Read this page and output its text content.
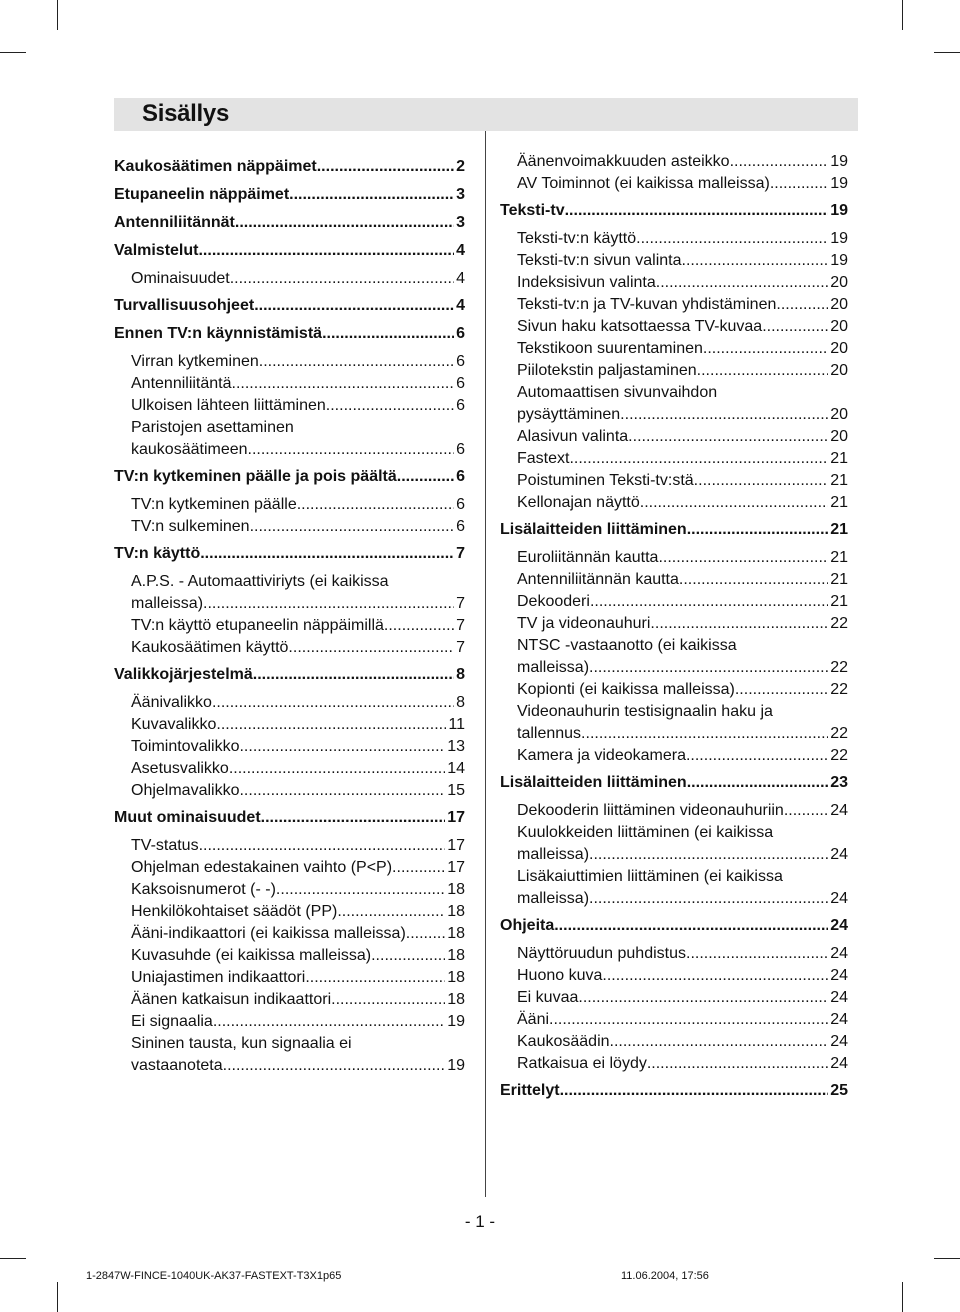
Sisällys
Kaukosäätimen näppäimet .....	2
Etupaneelin näppäimet .....	3
Antenniliitännät .....	3
Valmistelut .....	4
Ominaisuudet .....	4
Turvallisuusohjeet .....	4
Ennen TV:n käynnistämistä .....	6
Virran kytkeminen .....	6
Antenniliitäntä .....	6
Ulkoisen lähteen liittäminen .....	6
Paristojen asettaminen
kaukosäätimeen .....	6
TV:n kytkeminen päälle ja pois päältä .....	6
TV:n kytkeminen päälle .....	6
TV:n sulkeminen .....	6
TV:n käyttö .....	7
A.P.S. - Automaattiviriyts (ei kaikissa
malleissa) .....	7
TV:n käyttö etupaneelin näppäimillä .....	7
Kaukosäätimen käyttö .....	7
Valikkojärjestelmä .....	8
Äänivalikko .....	8
Kuvavalikko .....	11
Toimintovalikko .....	13
Asetusvalikko .....	14
Ohjelmavalikko .....	15
Muut ominaisuudet .....	17
TV-status .....	17
Ohjelman edestakainen vaihto (P<P) .....	17
Kaksoisnumerot (- -) .....	18
Henkilökohtaiset säädöt (PP) .....	18
Ääni-indikaattori (ei kaikissa malleissa) .....	18
Kuvasuhde (ei kaikissa malleissa) .....	18
Uniajastimen indikaattori .....	18
Äänen katkaisun indikaattori .....	18
Ei signaalia .....	19
Sininen tausta, kun signaalia ei
vastaanoteta .....	19
Äänenvoimakkuuden asteikko .....	19
AV Toiminnot (ei kaikissa malleissa) .....	19
Teksti-tv .....	19
Teksti-tv:n käyttö .....	19
Teksti-tv:n sivun valinta .....	19
Indeksisivun valinta .....	20
Teksti-tv:n ja TV-kuvan yhdistäminen .....	20
Sivun haku katsottaessa TV-kuvaa .....	20
Tekstikoon suurentaminen .....	20
Piilotekstin paljastaminen .....	20
Automaattisen sivunvaihdon
pysäyttäminen .....	20
Alasivun valinta .....	20
Fastext .....	21
Poistuminen Teksti-tv:stä .....	21
Kellonajan näyttö .....	21
Lisälaitteiden liittäminen .....	21
Euroliitännän kautta .....	21
Antenniliitännän kautta .....	21
Dekooderi .....	21
TV ja videonauhuri .....	22
NTSC -vastaanotto (ei kaikissa
malleissa) .....	22
Kopionti (ei kaikissa malleissa) .....	22
Videonauhurin testisignaalin haku ja
tallennus .....	22
Kamera ja videokamera .....	22
Lisälaitteiden liittäminen .....	23
Dekooderin liittäminen videonauhuriin .....	24
Kuulokkeiden liittäminen (ei kaikissa
malleissa) .....	24
Lisäkaiuttimien liittäminen (ei kaikissa
malleissa) .....	24
Ohjeita .....	24
Näyttöruudun puhdistus .....	24
Huono kuva .....	24
Ei kuvaa .....	24
Ääni .....	24
Kaukosäädin .....	24
Ratkaisua ei löydy .....	24
Erittelyt .....	25
- 1 -
1-2847W-FINCE-1040UK-AK37-FASTEXT-T3X1p65	11.06.2004, 17:56
